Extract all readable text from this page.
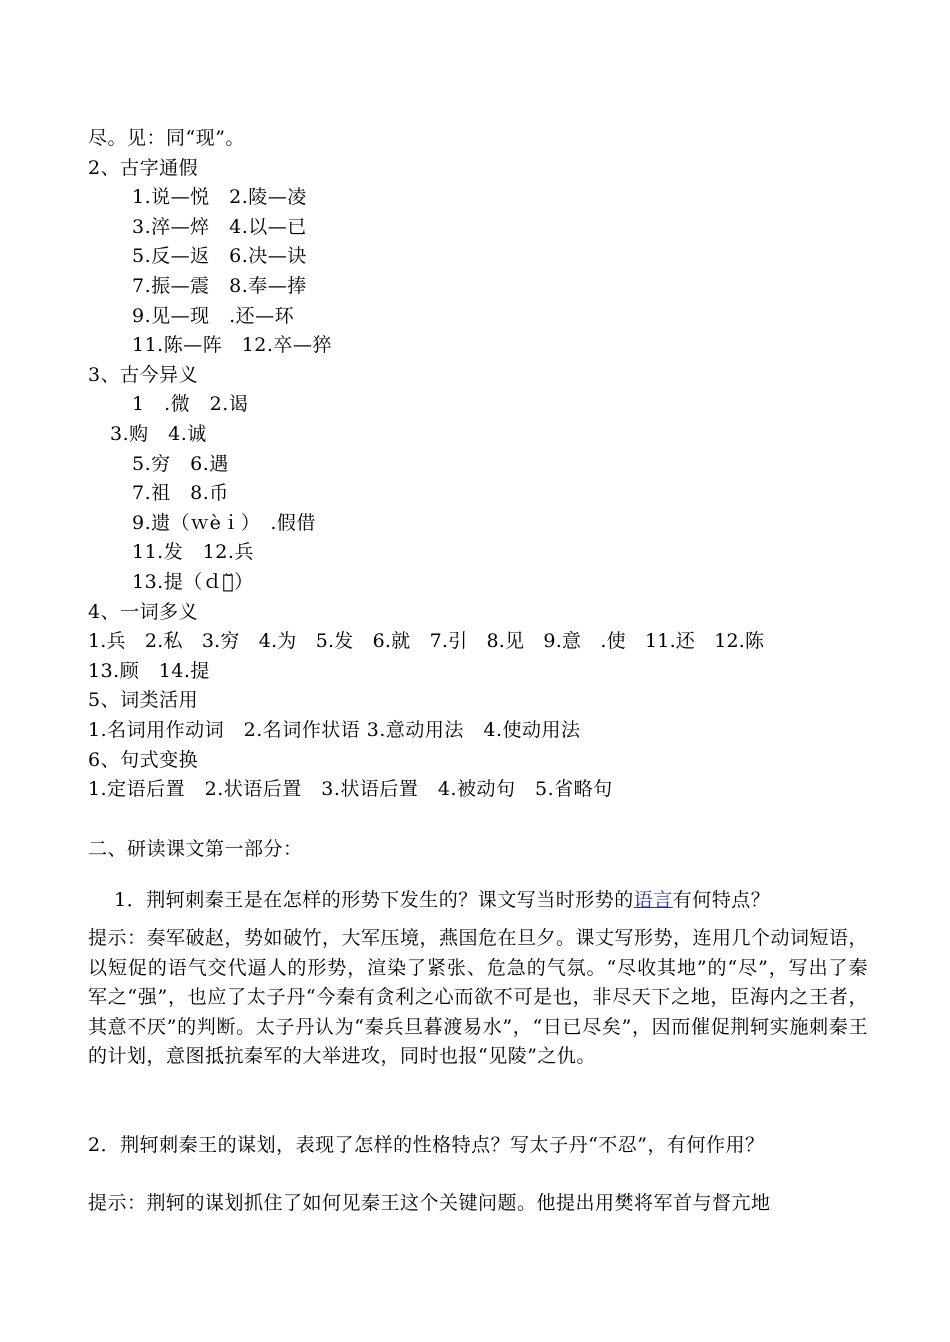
尽。见：同“现”。
2、古字通假
1.说—悦　2.陵—凌
3.淬—焠　4.以—已
5.反—返　6.决—诀
7.振—震　8.奉—捧
9.见—现　.还—环
11.陈—阵　12.卒—猝
3、古今异义
1　.微　2.谒
3.购　4.诚
5.穷　6.遇
7.祖　8.币
9.遗（ｗèｉ）　.假借
11.发　12.兵
13.提（ｄｉ̆）
4、一词多义
1.兵　2.私　3.穷　4.为　5.发　6.就　7.引　8.见　9.意　.使　11.还　12.陈
13.顾　14.提
5、词类活用
1.名词用作动词　2.名词作状语 3.意动用法　4.使动用法
6、句式变换
1.定语后置　2.状语后置　3.状语后置　4.被动句　5.省略句
二、研读课文第一部分：

1．荆轲刺秦王是在怎样的形势下发生的？课文写当时形势的语言有何特点？

提示：奏军破赵，势如破竹，大军压境，燕国危在旦夕。课丈写形势，连用几个动词短语，以短促的语气交代逼人的形势，渲染了紧张、危急的气氛。“尽收其地”的“尽”，写出了秦军之“强”，也应了太子丹“今秦有贪利之心而欲不可是也，非尽天下之地，臣海内之王者，其意不厌”的判断。太子丹认为“秦兵旦暮渡易水”，“日已尽矣”，因而催促荆轲实施刺秦王的计划，意图抵抗秦军的大举进攻，同时也报“见陵”之仇。
2．荆轲刺秦王的谋划，表现了怎样的性格特点？写太子丹“不忍”，有何作用？
提示：荆轲的谋划抓住了如何见秦王这个关键问题。他提出用樊将军首与督亢地
